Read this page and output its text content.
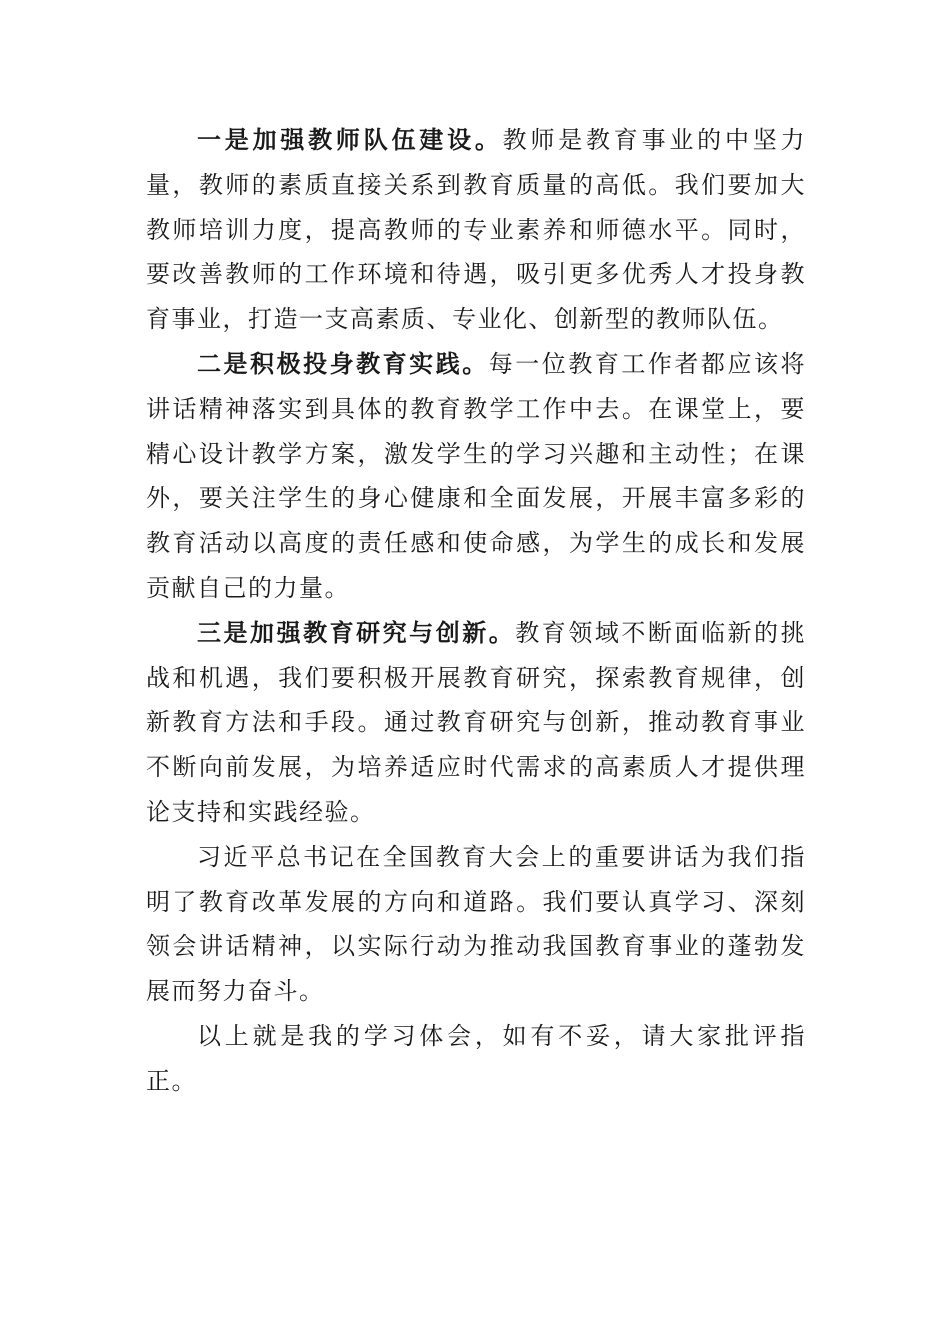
一是加强教师队伍建设。教师是教育事业的中坚力量，教师的素质直接关系到教育质量的高低。我们要加大教师培训力度，提高教师的专业素养和师德水平。同时，要改善教师的工作环境和待遇，吸引更多优秀人才投身教育事业，打造一支高素质、专业化、创新型的教师队伍。

二是积极投身教育实践。每一位教育工作者都应该将讲话精神落实到具体的教育教学工作中去。在课堂上，要精心设计教学方案，激发学生的学习兴趣和主动性；在课外，要关注学生的身心健康和全面发展，开展丰富多彩的教育活动以高度的责任感和使命感，为学生的成长和发展贡献自己的力量。

三是加强教育研究与创新。教育领域不断面临新的挑战和机遇，我们要积极开展教育研究，探索教育规律，创新教育方法和手段。通过教育研究与创新，推动教育事业不断向前发展，为培养适应时代需求的高素质人才提供理论支持和实践经验。

习近平总书记在全国教育大会上的重要讲话为我们指明了教育改革发展的方向和道路。我们要认真学习、深刻领会讲话精神，以实际行动为推动我国教育事业的蓬勃发展而努力奋斗。

以上就是我的学习体会，如有不妥，请大家批评指正。
